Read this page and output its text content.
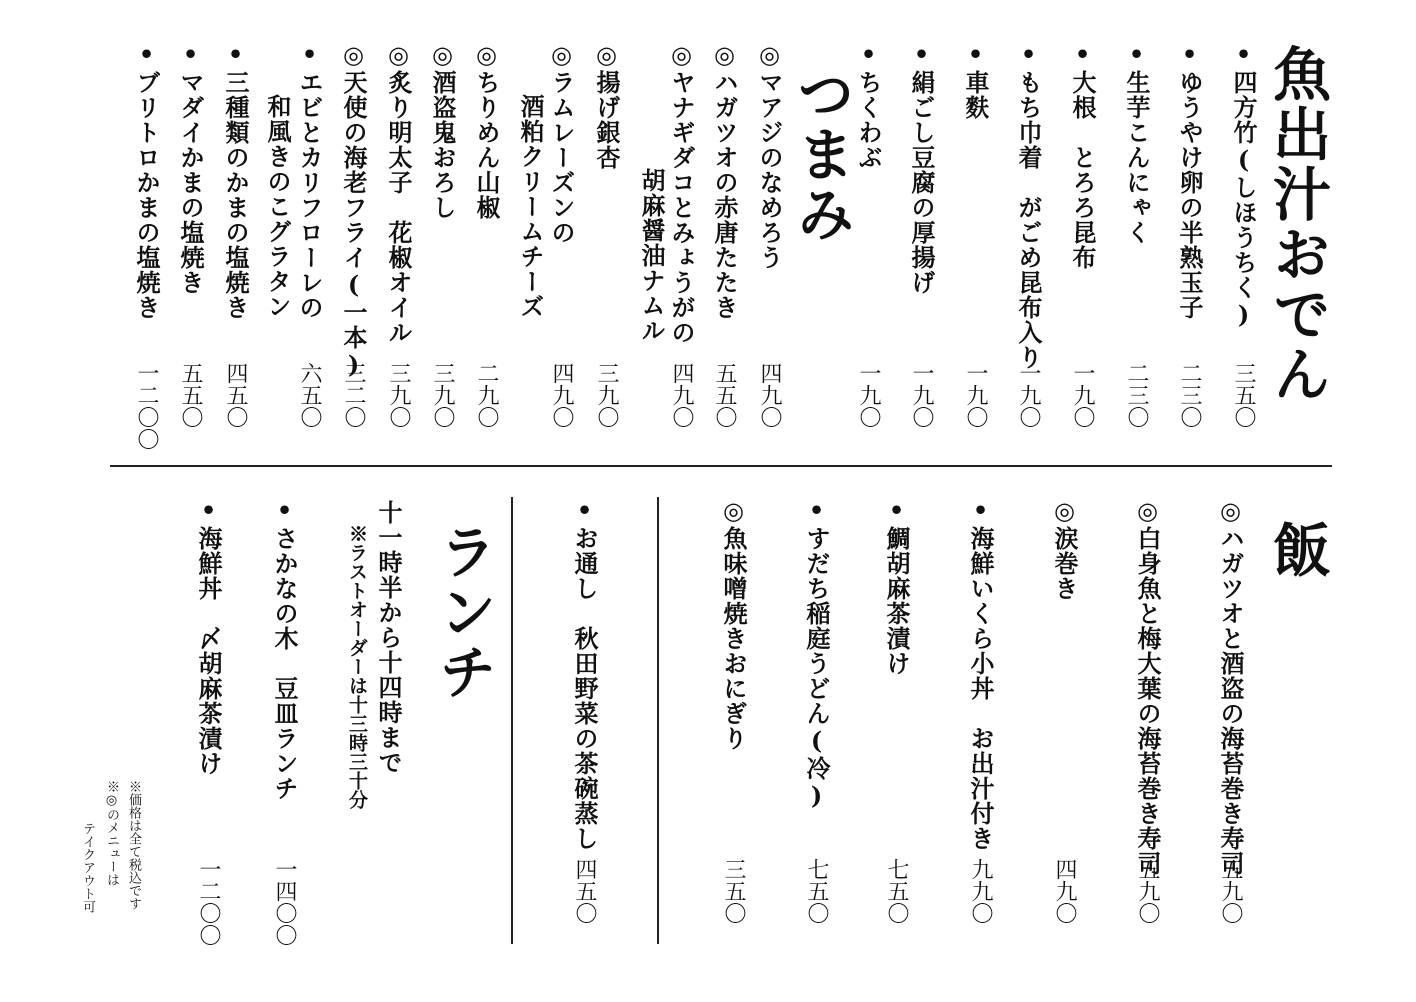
魚出汁おでん
•四方竹(しほうちく)
三五〇
•ゆうやけ卵の半熟玉子
二三〇
•生芋こんにゃく
二三〇
•大根　とろろ昆布
一九〇
•もち巾着　がごめ昆布入り
一九〇
•車麩
一九〇
•絹ごし豆腐の厚揚げ
一九〇
•ちくわぶ
一九〇
つまみ
◎マアジのなめろう
四九〇
◎ハガツオの赤唐たたき
五五〇
◎ヤナギダコとみょうがの
胡麻醤油ナムル
四九〇
◎揚げ銀杏
三九〇
◎ラムレーズンの
酒粕クリームチーズ
四九〇
◎ちりめん山椒
二九〇
◎酒盗鬼おろし
三九〇
◎炙り明太子　花椒オイル
三九〇
◎天使の海老フライ(一本)
三二〇
•エビとカリフローレの
和風きのこグラタン
六五〇
•三種類のかまの塩焼き
四五〇
•マダイかまの塩焼き
五五〇
•ブリトロかまの塩焼き
一二〇〇
飯
◎ハガツオと酒盗の海苔巻き寿司
五九〇
◎白身魚と梅大葉の海苔巻き寿司
五九〇
◎涙巻き
四九〇
•海鮮いくら小丼　お出汁付き
九九〇
•鯛胡麻茶漬け
七五〇
•すだち稲庭うどん(冷)
七五〇
◎魚味噌焼きおにぎり
三五〇
•お通し　秋田野菜の茶碗蒸し
四五〇
ランチ
十一時半から十四時まで
※ラストオーダーは十三時三十分
•さかなの木　豆皿ランチ
一四〇〇
•海鮮丼　〆胡麻茶漬け
一二〇〇
※価格は全て税込です
※◎のメニューは
テイクアウト可
